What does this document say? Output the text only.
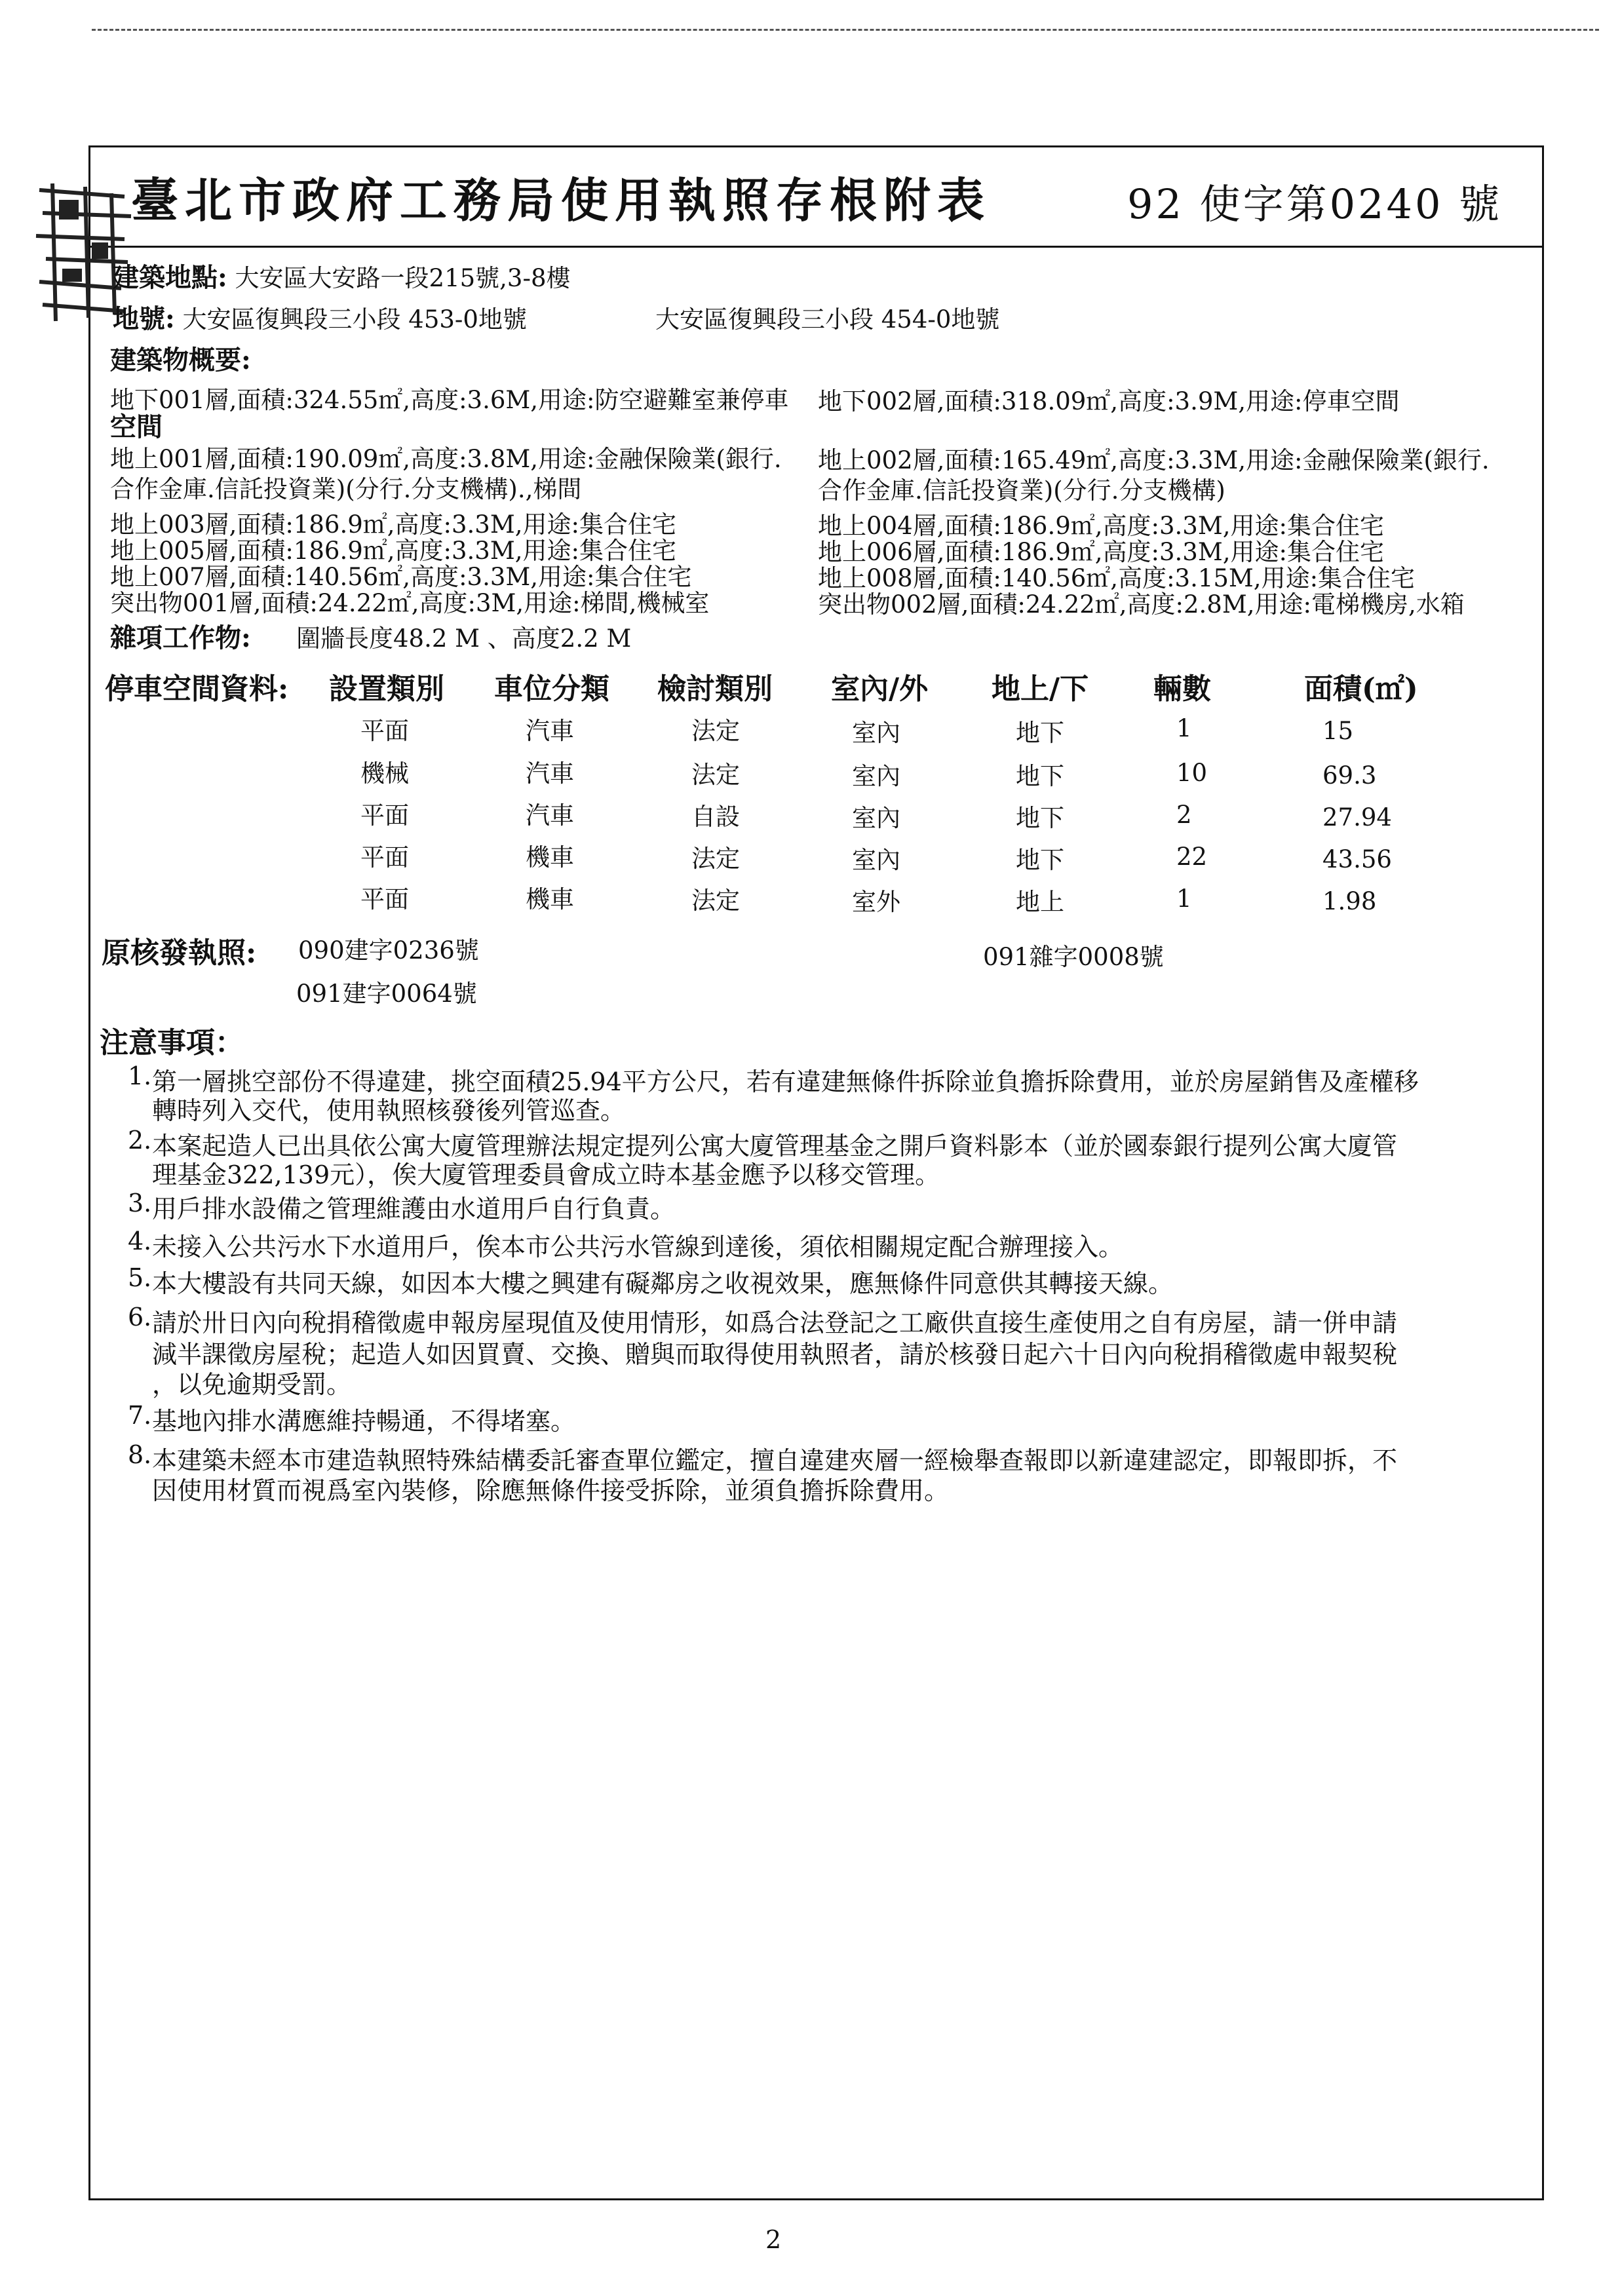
臺北市政府工務局使用執照存根附表	92 使字第0240 號
建築地點: 大安區大安路一段215號,3-8樓
地號: 大安區復興段三小段 453-0地號	大安區復興段三小段 454-0地號
建築物概要:
地下001層,面積:324.55㎡,高度:3.6M,用途:防空避難室兼停車 地下002層,面積:318.09㎡,高度:3.9M,用途:停車空間
空間
地上001層,面積:190.09㎡,高度:3.8M,用途:金融保險業(銀行.
合作金庫.信託投資業)(分行.分支機構).,梯間
地上002層,面積:165.49㎡,高度:3.3M,用途:金融保險業(銀行.
合作金庫.信託投資業)(分行.分支機構)
地上003層,面積:186.9㎡,高度:3.3M,用途:集合住宅	地上004層,面積:186.9㎡,高度:3.3M,用途:集合住宅
地上005層,面積:186.9㎡,高度:3.3M,用途:集合住宅	地上006層,面積:186.9㎡,高度:3.3M,用途:集合住宅
地上007層,面積:140.56㎡,高度:3.3M,用途:集合住宅	地上008層,面積:140.56㎡,高度:3.15M,用途:集合住宅
突出物001層,面積:24.22㎡,高度:3M,用途:梯間,機械室	突出物002層,面積:24.22㎡,高度:2.8M,用途:電梯機房,水箱
雜項工作物: 圍牆長度48.2 M 、高度2.2 M
停車空間資料: 設置類別 車位分類 檢討類別 室內/外 地上/下 輛數	面積(㎡)
平面	汽車	法定	室內	地下	1	15
機械	汽車	法定	室內	地下	10	69.3
平面	汽車	自設	室內	地下	2	27.94
平面	機車	法定	室內	地下	22	43.56
平面	機車	法定	室外	地上	1	1.98
原核發執照: 090建字0236號
091建字0064號
091雜字0008號
注意事項：
1. 第一層挑空部份不得違建，挑空面積25.94平方公尺，若有違建無條件拆除並負擔拆除費用，並於房屋銷售及產權移
轉時列入交代，使用執照核發後列管巡查。
2. 本案起造人已出具依公寓大廈管理辦法規定提列公寓大廈管理基金之開戶資料影本（並於國泰銀行提列公寓大廈管
理基金322,139元），俟大廈管理委員會成立時本基金應予以移交管理。
3. 用戶排水設備之管理維護由水道用戶自行負責。
4. 未接入公共污水下水道用戶，俟本市公共污水管線到達後，須依相關規定配合辦理接入。
5. 本大樓設有共同天線，如因本大樓之興建有礙鄰房之收視效果，應無條件同意供其轉接天線。
6. 請於卅日內向稅捐稽徵處申報房屋現值及使用情形，如爲合法登記之工廠供直接生產使用之自有房屋，請一併申請
減半課徵房屋稅；起造人如因買賣、交換、贈與而取得使用執照者，請於核發日起六十日內向稅捐稽徵處申報契稅
，以免逾期受罰。
7. 基地內排水溝應維持暢通，不得堵塞。
8. 本建築未經本市建造執照特殊結構委託審查單位鑑定，擅自違建夾層一經檢舉查報即以新違建認定，即報即拆，不
因使用材質而視爲室內裝修，除應無條件接受拆除，並須負擔拆除費用。
2
